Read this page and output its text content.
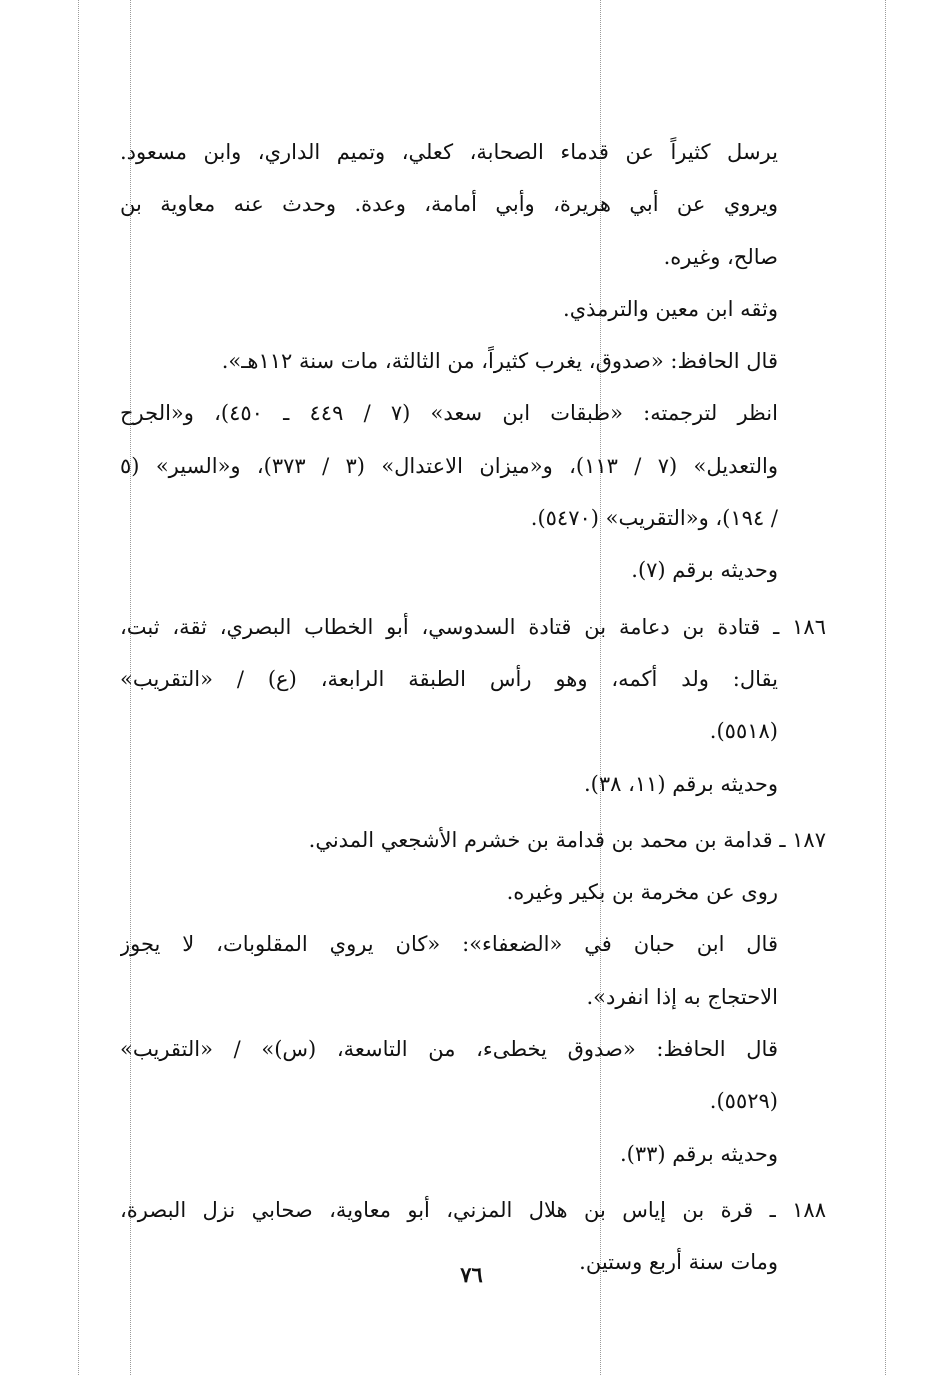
يرسل كثيراً عن قدماء الصحابة، كعلي، وتميم الداري، وابن مسعود.
ويروي عن أبي هريرة، وأبي أمامة، وعدة. وحدث عنه معاوية بن
صالح، وغيره.
وثقه ابن معين والترمذي.
قال الحافظ: «صدوق، يغرب كثيراً، من الثالثة، مات سنة ١١٢هـ».
انظر لترجمته: «طبقات ابن سعد» (٧ / ٤٤٩ ـ ٤٥٠)، و«الجرح
والتعديل» (٧ / ١١٣)، و«ميزان الاعتدال» (٣ / ٣٧٣)، و«السير» (٥
/ ١٩٤)، و«التقريب» (٥٤٧٠).
وحديثه برقم (٧).
١٨٦ ـ قتادة بن دعامة بن قتادة السدوسي، أبو الخطاب البصري، ثقة، ثبت،
يقال: ولد أكمه، وهو رأس الطبقة الرابعة، (ع) / «التقريب»
(٥٥١٨).
وحديثه برقم (١١، ٣٨).
١٨٧ ـ قدامة بن محمد بن قدامة بن خشرم الأشجعي المدني.
روى عن مخرمة بن بكير وغيره.
قال ابن حبان في «الضعفاء»: «كان يروي المقلوبات، لا يجوز
الاحتجاج به إذا انفرد».
قال الحافظ: «صدوق يخطىء، من التاسعة، (س)» / «التقريب»
(٥٥٢٩).
وحديثه برقم (٣٣).
١٨٨ ـ قرة بن إياس بن هلال المزني، أبو معاوية، صحابي نزل البصرة،
ومات سنة أربع وستين.
٧٦
